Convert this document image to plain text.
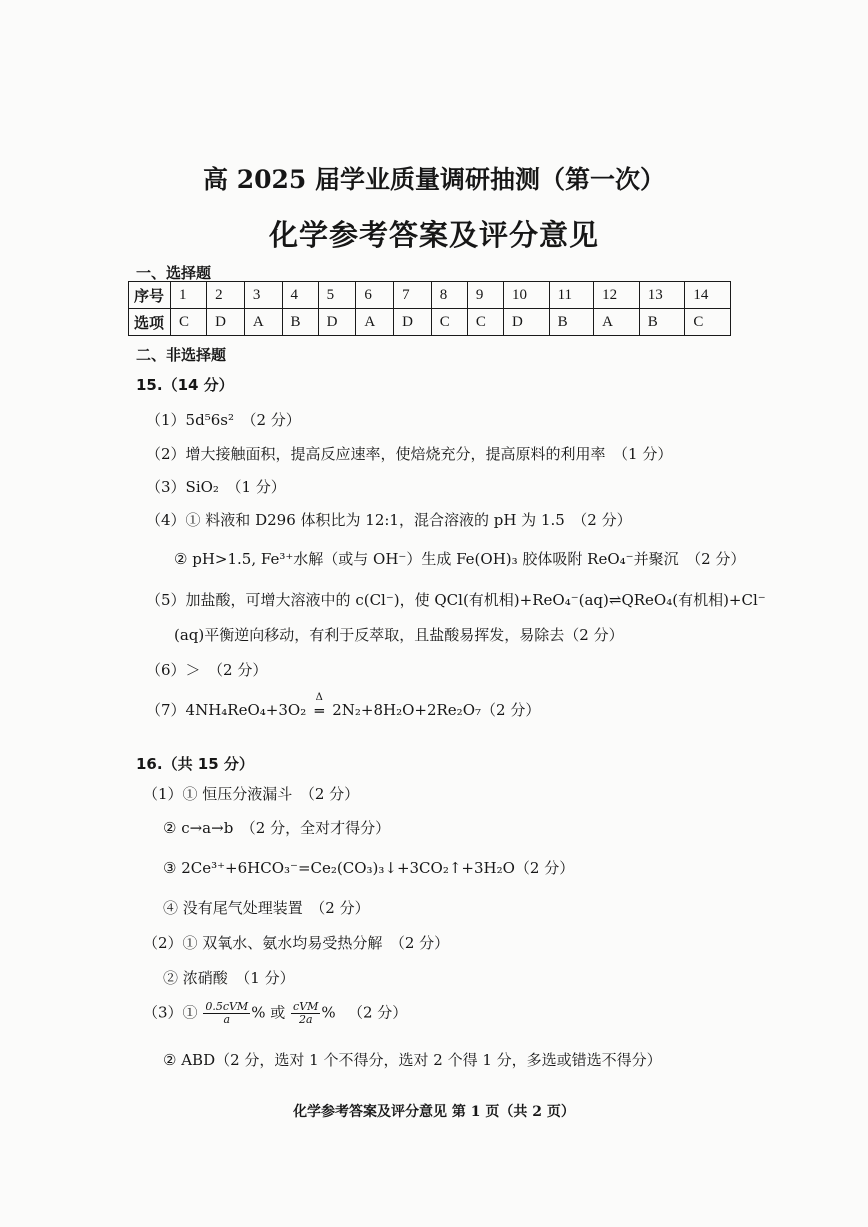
高 2025 届学业质量调研抽测（第一次）
化学参考答案及评分意见
一、选择题
序号	1	2	3	4	5	6	7	8	9	10	11	12	13	14
选项	C	D	A	B	D	A	D	C	C	D	B	A	B	C
二、非选择题
15.（14 分）
（1）5d⁵6s²　 （2 分）
（2）增大接触面积，提高反应速率，使焙烧充分，提高原料的利用率　（1 分）
（3）SiO₂　 （1 分）
（4）① 料液和 D296 体积比为 12:1，混合溶液的 pH 为 1.5　（2 分）
② pH>1.5, Fe³⁺水解（或与 OH⁻）生成 Fe(OH)₃ 胶体吸附 ReO₄⁻并聚沉　（2 分）
（5）加盐酸，可增大溶液中的 c(Cl⁻)，使 QCl(有机相)+ReO₄⁻(aq)⇌QReO₄(有机相)+Cl⁻
(aq)平衡逆向移动，有利于反萃取，且盐酸易挥发，易除去（2 分）
（6）＞　（2 分）
（7）4NH₄ReO₄+3O₂
Δ
═ 2N₂+8H₂O+2Re₂O₇（2 分）
16.（共 15 分）
（1）① 恒压分液漏斗　（2 分）
② c→a→b　（2 分，全对才得分）
③ 2Ce³⁺+6HCO₃⁻=Ce₂(CO₃)₃↓+3CO₂↑+3H₂O（2 分）
④ 没有尾气处理装置　（2 分）
（2）① 双氧水、氨水均易受热分解　（2 分）
② 浓硝酸　（1 分）
（3）① $\frac{\text{0.5cVM}}{a}$ % 或 $\frac{\text{cVM}}{2a}$ % 　 （2 分）
② ABD（2 分，选对 1 个不得分，选对 2 个得 1 分，多选或错选不得分）
化学参考答案及评分意见 第 1 页（共 2 页）
